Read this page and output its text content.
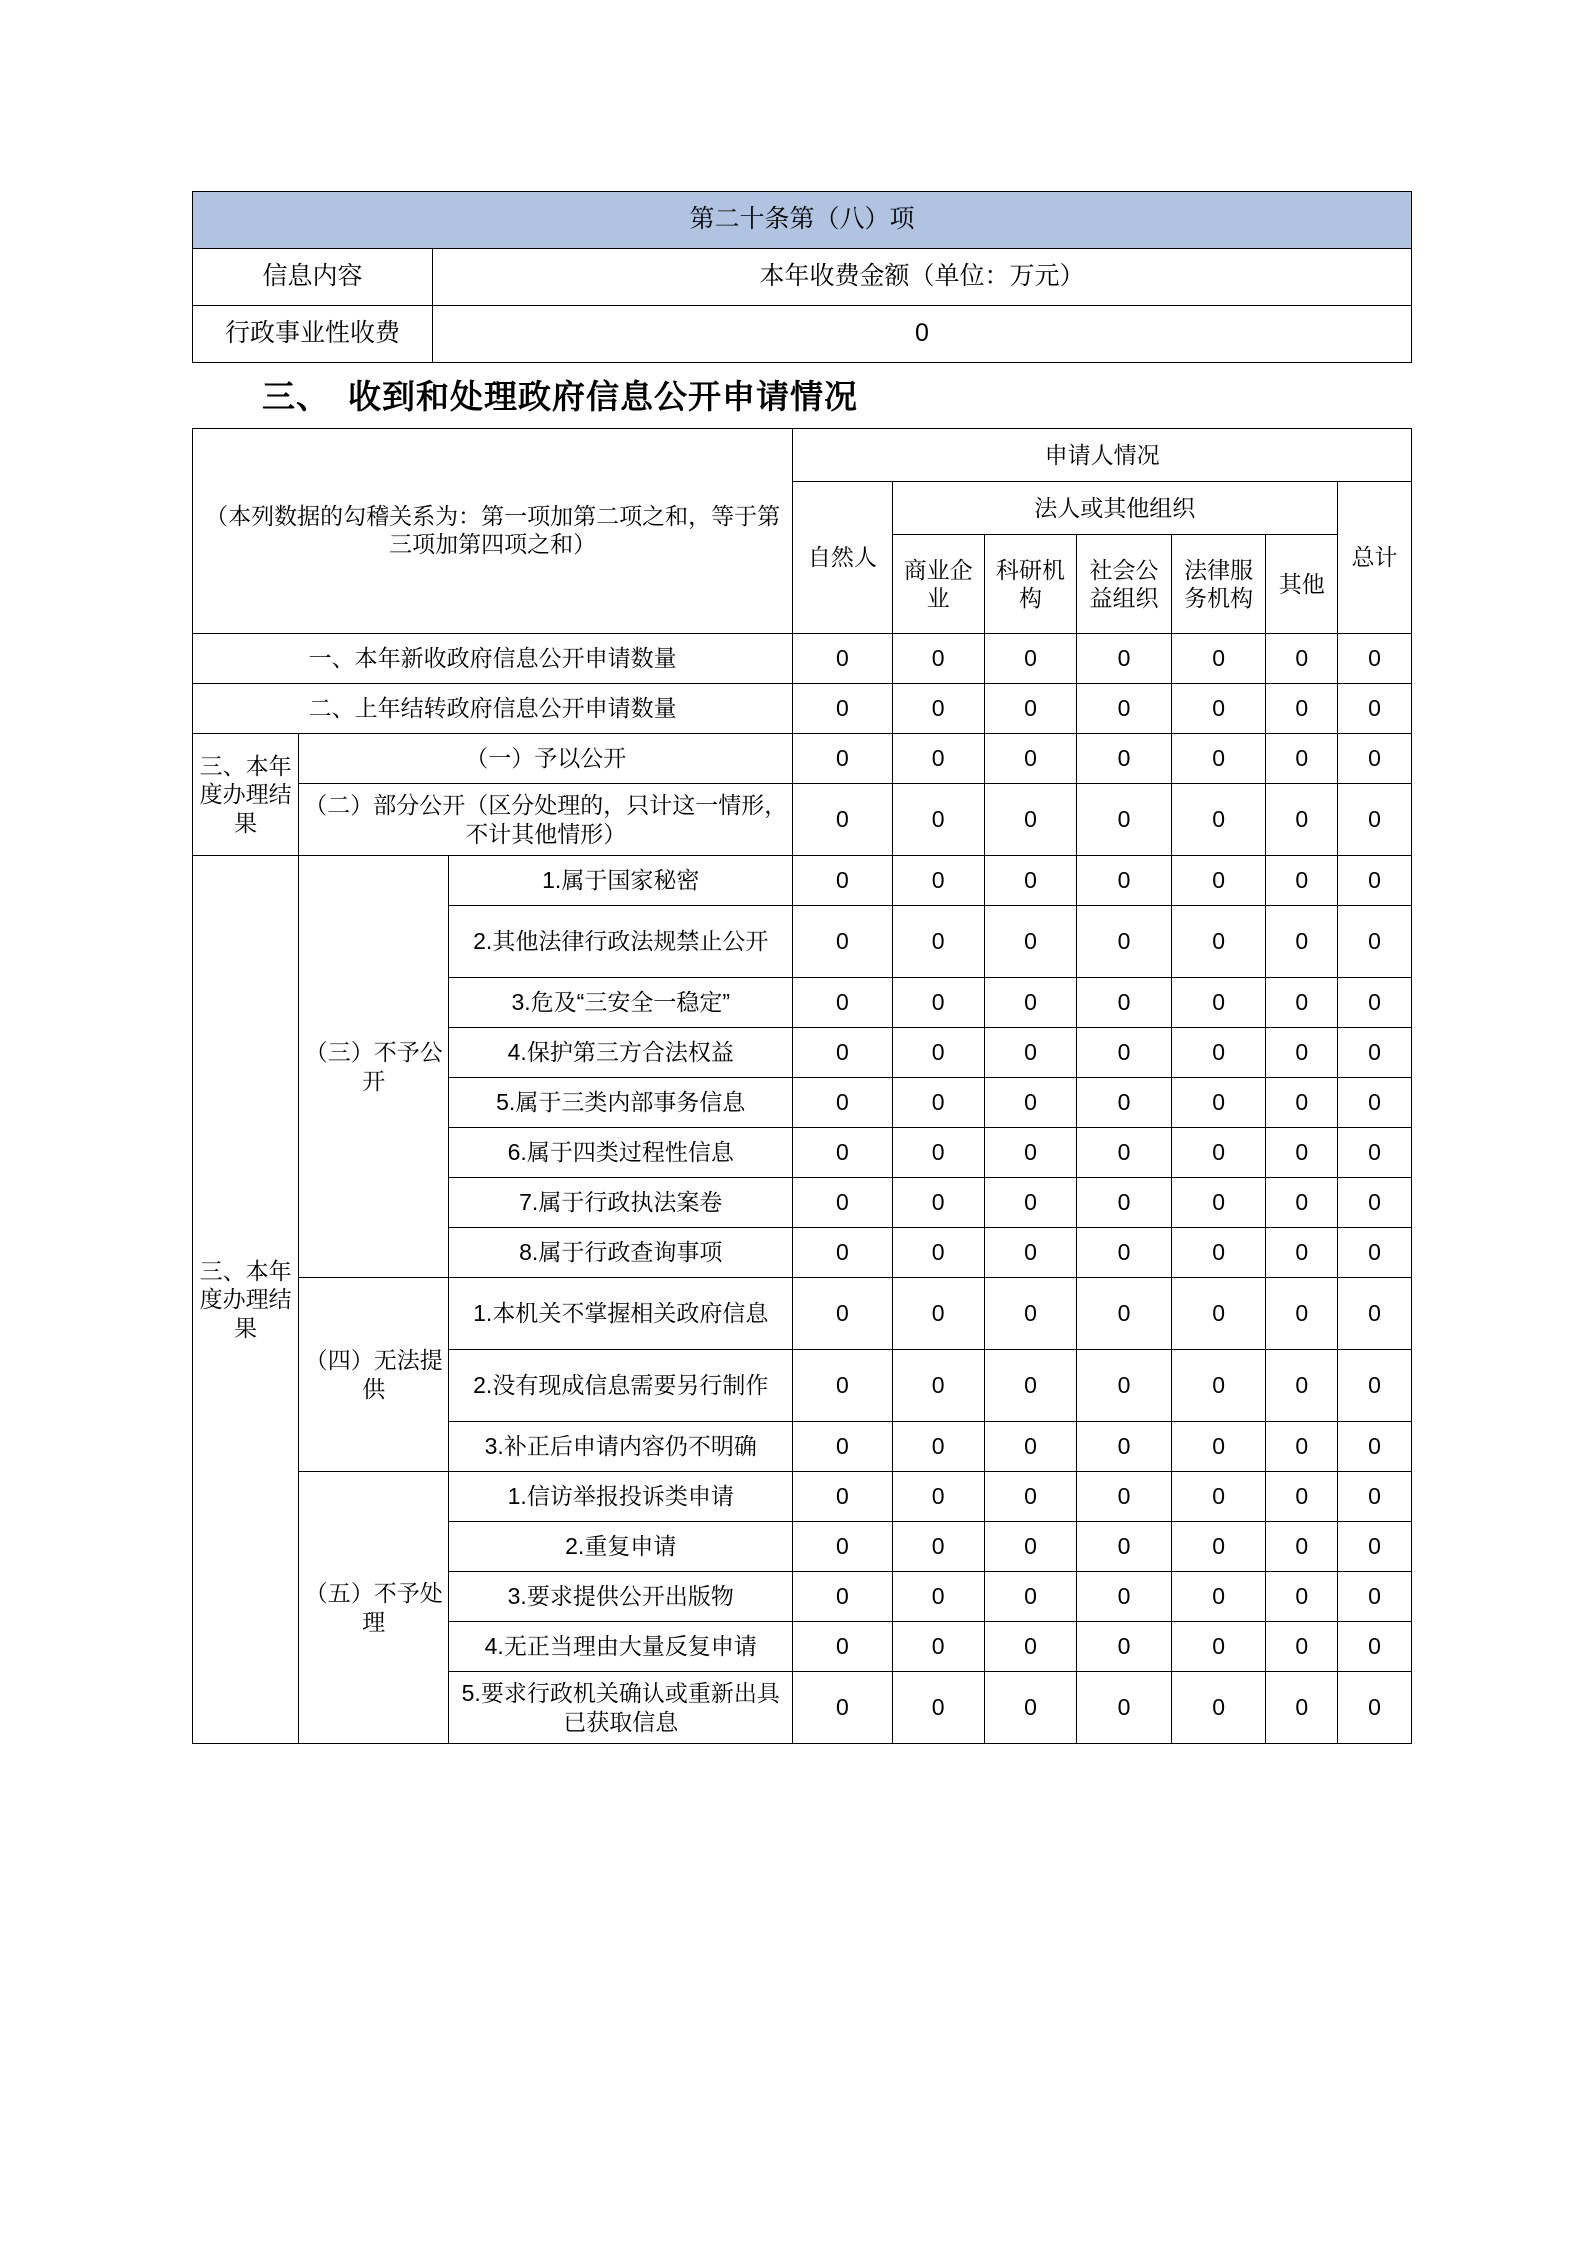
第二十条第（八）项	
信息内容	本年收费金额（单位：万元）
行政事业性收费	0
三、 收到和处理政府信息公开申请情况
（本列数据的勾稽关系为：第一项加第二项之和，等于第三项加第四项之和）			申请人情况						
			自然人	法人或其他组织					总计
				商业企业	科研机构	社会公益组织	法律服务机构	其他	
一、本年新收政府信息公开申请数量			0	0	0	0	0	0	0
二、上年结转政府信息公开申请数量			0	0	0	0	0	0	0
三、本年度办理结果	（一）予以公开		0	0	0	0	0	0	0
	（二）部分公开（区分处理的，只计这一情形，不计其他情形）		0	0	0	0	0	0	0
三、本年度办理结果	（三）不予公开	1.属于国家秘密	0	0	0	0	0	0	0
		2.其他法律行政法规禁止公开	0	0	0	0	0	0	0
		3.危及“三安全一稳定”	0	0	0	0	0	0	0
		4.保护第三方合法权益	0	0	0	0	0	0	0
		5.属于三类内部事务信息	0	0	0	0	0	0	0
		6.属于四类过程性信息	0	0	0	0	0	0	0
		7.属于行政执法案卷	0	0	0	0	0	0	0
		8.属于行政查询事项	0	0	0	0	0	0	0
	（四）无法提供	1.本机关不掌握相关政府信息	0	0	0	0	0	0	0
		2.没有现成信息需要另行制作	0	0	0	0	0	0	0
		3.补正后申请内容仍不明确	0	0	0	0	0	0	0
	（五）不予处理	1.信访举报投诉类申请	0	0	0	0	0	0	0
		2.重复申请	0	0	0	0	0	0	0
		3.要求提供公开出版物	0	0	0	0	0	0	0
		4.无正当理由大量反复申请	0	0	0	0	0	0	0
		5.要求行政机关确认或重新出具已获取信息	0	0	0	0	0	0	0
